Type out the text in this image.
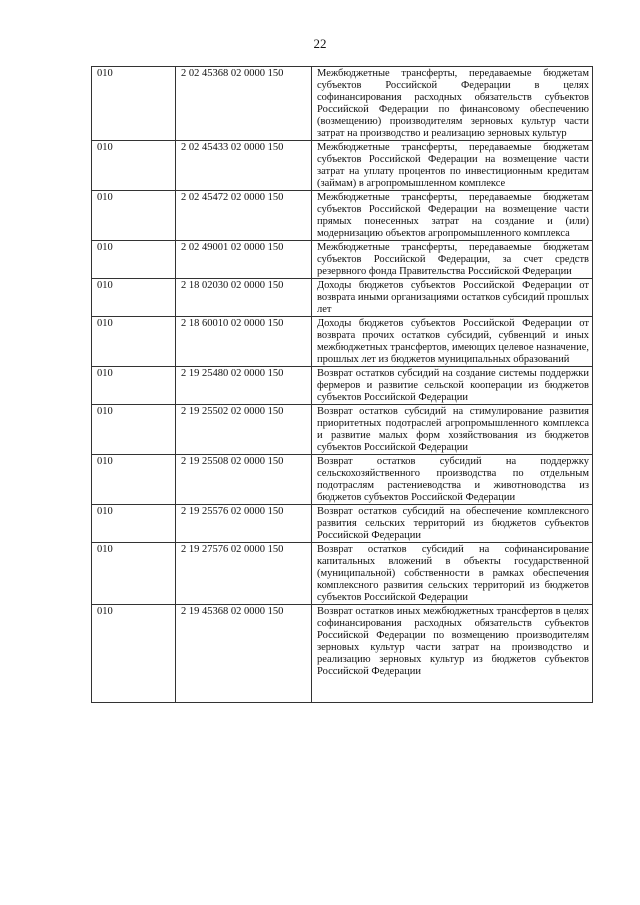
22
010	2 02 45368 02 0000 150	Межбюджетные трансферты, передаваемые бюджетам субъектов Российской Федерации в целях софинансирования расходных обязательств субъектов Российской Федерации по финансовому обеспечению (возмещению) производителям зерновых культур части затрат на производство и реализацию зерновых культур
010	2 02 45433 02 0000 150	Межбюджетные трансферты, передаваемые бюджетам субъектов Российской Федерации на возмещение части затрат на уплату процентов по инвестиционным кредитам (займам) в агропромышленном комплексе
010	2 02 45472 02 0000 150	Межбюджетные трансферты, передаваемые бюджетам субъектов Российской Федерации на возмещение части прямых понесенных затрат на создание и (или) модернизацию объектов агропромышленного комплекса
010	2 02 49001 02 0000 150	Межбюджетные трансферты, передаваемые бюджетам субъектов Российской Федерации, за счет средств резервного фонда Правительства Российской Федерации
010	2 18 02030 02 0000 150	Доходы бюджетов субъектов Российской Федерации от возврата иными организациями остатков субсидий прошлых лет
010	2 18 60010 02 0000 150	Доходы бюджетов субъектов Российской Федерации от возврата прочих остатков субсидий, субвенций и иных межбюджетных трансфертов, имеющих целевое назначение, прошлых лет из бюджетов муниципальных образований
010	2 19 25480 02 0000 150	Возврат остатков субсидий на создание системы поддержки фермеров и развитие сельской кооперации из бюджетов субъектов Российской Федерации
010	2 19 25502 02 0000 150	Возврат остатков субсидий на стимулирование развития приоритетных подотраслей агропромышленного комплекса и развитие малых форм хозяйствования из бюджетов субъектов Российской Федерации
010	2 19 25508 02 0000 150	Возврат остатков субсидий на поддержку сельскохозяйственного производства по отдельным подотраслям растениеводства и животноводства из бюджетов субъектов Российской Федерации
010	2 19 25576 02 0000 150	Возврат остатков субсидий на обеспечение комплексного развития сельских территорий из бюджетов субъектов Российской Федерации
010	2 19 27576 02 0000 150	Возврат остатков субсидий на софинансирование капитальных вложений в объекты государственной (муниципальной) собственности в рамках обеспечения комплексного развития сельских территорий из бюджетов субъектов Российской Федерации
010	2 19 45368 02 0000 150	Возврат остатков иных межбюджетных трансфертов в целях софинансирования расходных обязательств субъектов Российской Федерации по возмещению производителям зерновых культур части затрат на производство и реализацию зерновых культур из бюджетов субъектов Российской Федерации
